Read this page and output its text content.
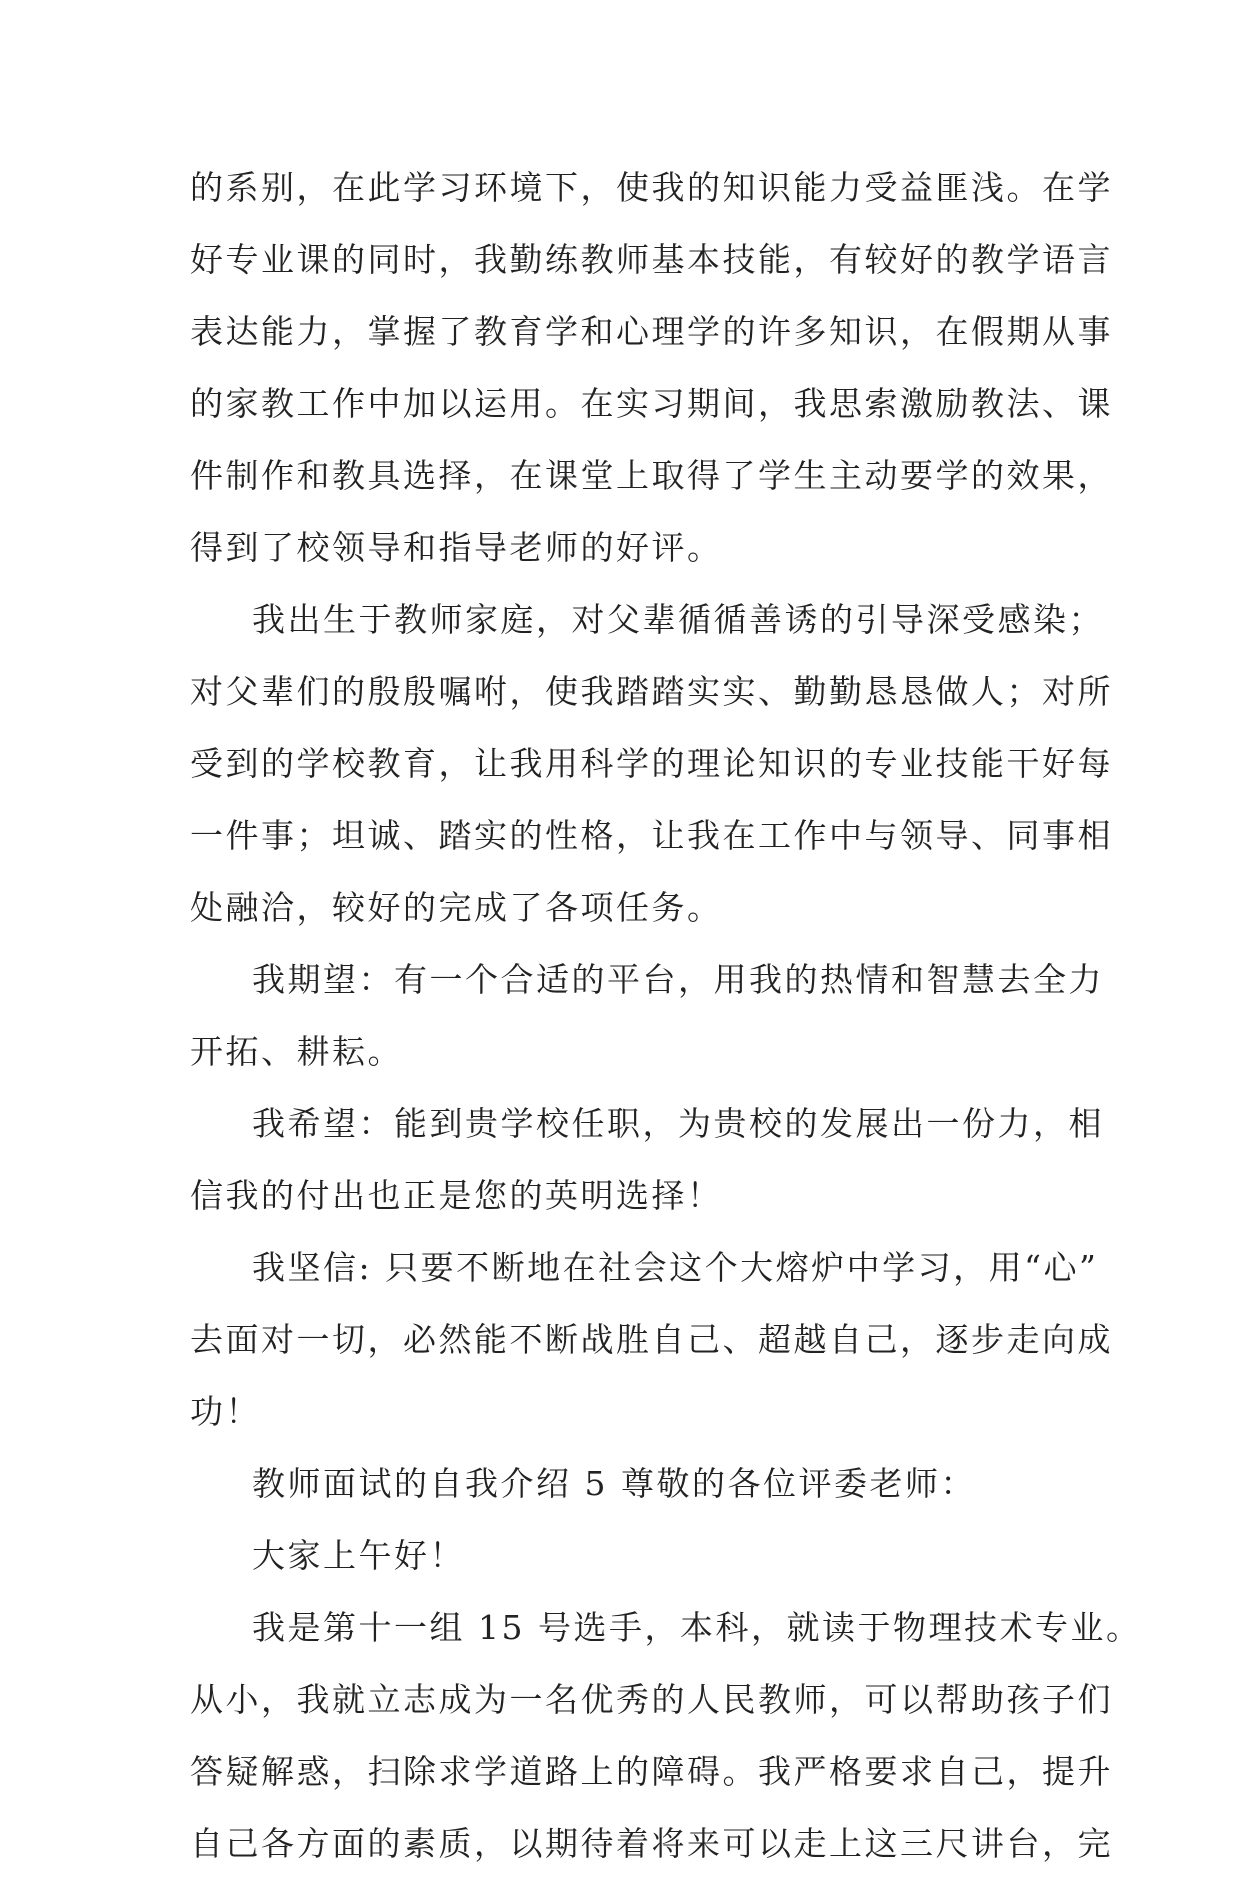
的系别，在此学习环境下，使我的知识能力受益匪浅。在学
好专业课的同时，我勤练教师基本技能，有较好的教学语言
表达能力，掌握了教育学和心理学的许多知识，在假期从事
的家教工作中加以运用。在实习期间，我思索激励教法、课
件制作和教具选择，在课堂上取得了学生主动要学的效果，
得到了校领导和指导老师的好评。
我出生于教师家庭，对父辈循循善诱的引导深受感染；
对父辈们的殷殷嘱咐，使我踏踏实实、勤勤恳恳做人；对所
受到的学校教育，让我用科学的理论知识的专业技能干好每
一件事；坦诚、踏实的性格，让我在工作中与领导、同事相
处融洽，较好的完成了各项任务。
我期望：有一个合适的平台，用我的热情和智慧去全力
开拓、耕耘。
我希望：能到贵学校任职，为贵校的发展出一份力，相
信我的付出也正是您的英明选择！
我坚信: 只要不断地在社会这个大熔炉中学习，用“心”
去面对一切，必然能不断战胜自己、超越自己，逐步走向成
功！
教师面试的自我介绍 5 尊敬的各位评委老师：
大家上午好！
我是第十一组 15 号选手，本科，就读于物理技术专业。
从小，我就立志成为一名优秀的人民教师，可以帮助孩子们
答疑解惑，扫除求学道路上的障碍。我严格要求自己，提升
自己各方面的素质，以期待着将来可以走上这三尺讲台，完
